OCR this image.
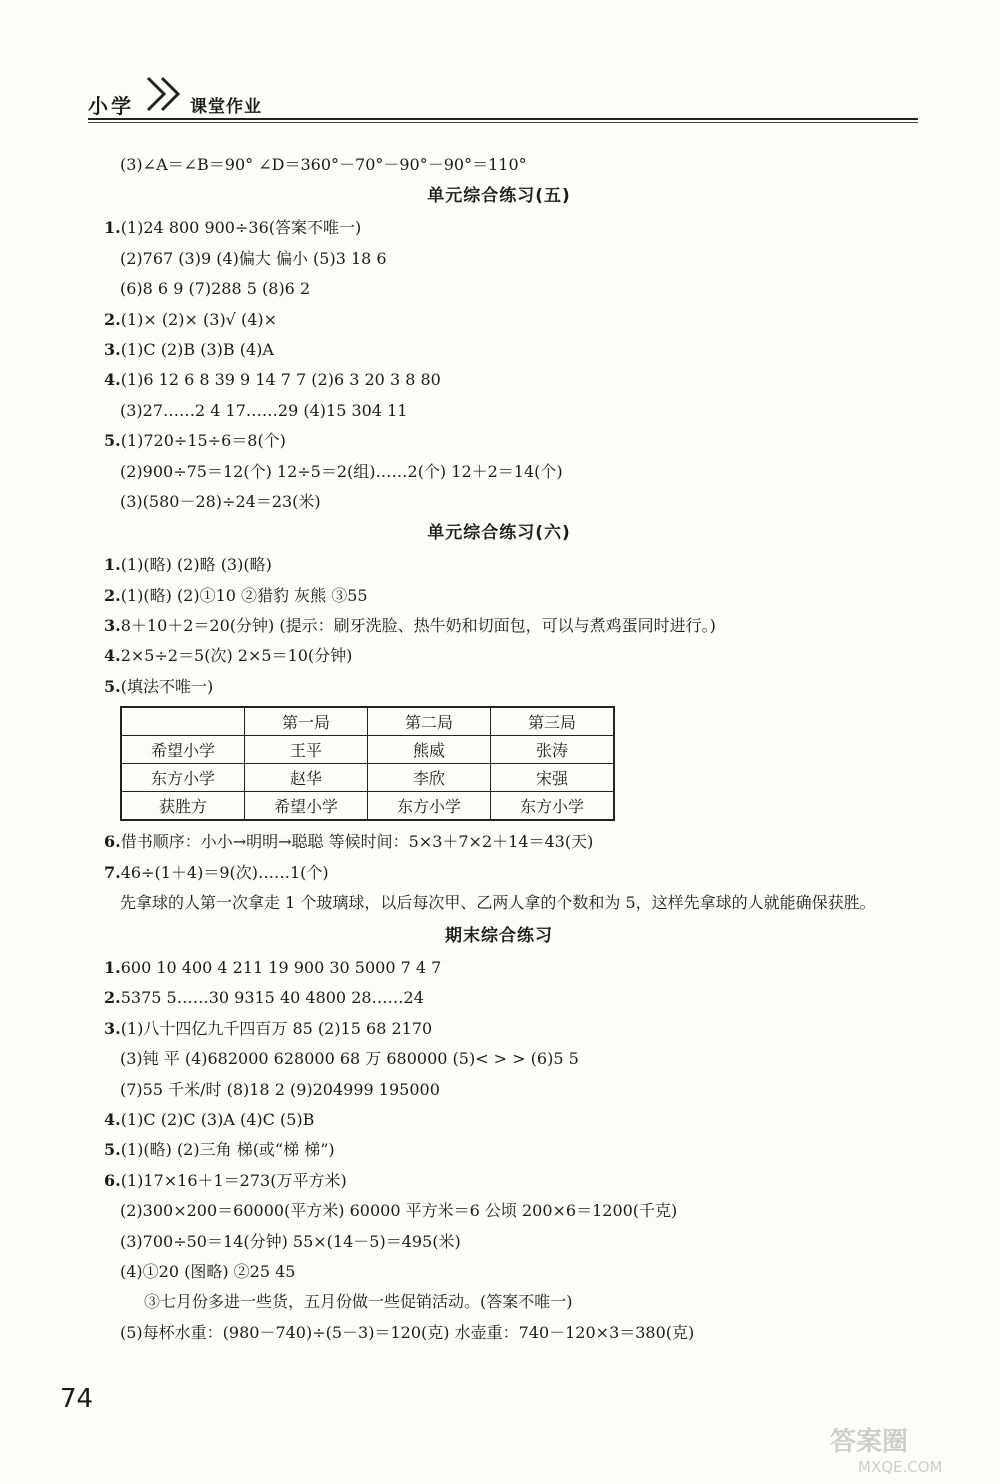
小学	课堂作业
(3)∠A＝∠B＝90° ∠D＝360°－70°－90°－90°＝110°
单元综合练习(五)
1.(1)24 800 900÷36(答案不唯一)
(2)767 (3)9 (4)偏大 偏小 (5)3 18 6
(6)8 6 9 (7)288 5 (8)6 2
2.(1)× (2)× (3)√ (4)×
3.(1)C (2)B (3)B (4)A
4.(1)6 12 6 8 39 9 14 7 7 (2)6 3 20 3 8 80
(3)27……2 4 17……29 (4)15 304 11
5.(1)720÷15÷6＝8(个)
(2)900÷75＝12(个) 12÷5＝2(组)……2(个) 12＋2＝14(个)
(3)(580－28)÷24＝23(米)
单元综合练习(六)
1.(1)(略) (2)略 (3)(略)
2.(1)(略) (2)①10 ②猎豹 灰熊 ③55
3.8＋10＋2＝20(分钟) (提示：刷牙洗脸、热牛奶和切面包，可以与煮鸡蛋同时进行。)
4.2×5÷2＝5(次) 2×5＝10(分钟)
5.(填法不唯一)
	第一局	第二局	第三局
希望小学	王平	熊威	张涛
东方小学	赵华	李欣	宋强
获胜方	希望小学	东方小学	东方小学
6.借书顺序：小小→明明→聪聪 等候时间：5×3＋7×2＋14＝43(天)
7.46÷(1＋4)＝9(次)……1(个)
先拿球的人第一次拿走 1 个玻璃球，以后每次甲、乙两人拿的个数和为 5，这样先拿球的人就能确保获胜。
期末综合练习
1.600 10 400 4 211 19 900 30 5000 7 4 7
2.5375 5……30 9315 40 4800 28……24
3.(1)八十四亿九千四百万 85 (2)15 68 2170
(3)钝 平 (4)682000 628000 68 万 680000 (5)< > > (6)5 5
(7)55 千米/时 (8)18 2 (9)204999 195000
4.(1)C (2)C (3)A (4)C (5)B
5.(1)(略) (2)三角 梯(或“梯 梯”)
6.(1)17×16＋1＝273(万平方米)
(2)300×200＝60000(平方米) 60000 平方米＝6 公顷 200×6＝1200(千克)
(3)700÷50＝14(分钟) 55×(14－5)＝495(米)
(4)①20 (图略) ②25 45
③七月份多进一些货，五月份做一些促销活动。(答案不唯一)
(5)每杯水重：(980－740)÷(5－3)＝120(克) 水壶重：740－120×3＝380(克)
74
答案圈
MXQE.COM
